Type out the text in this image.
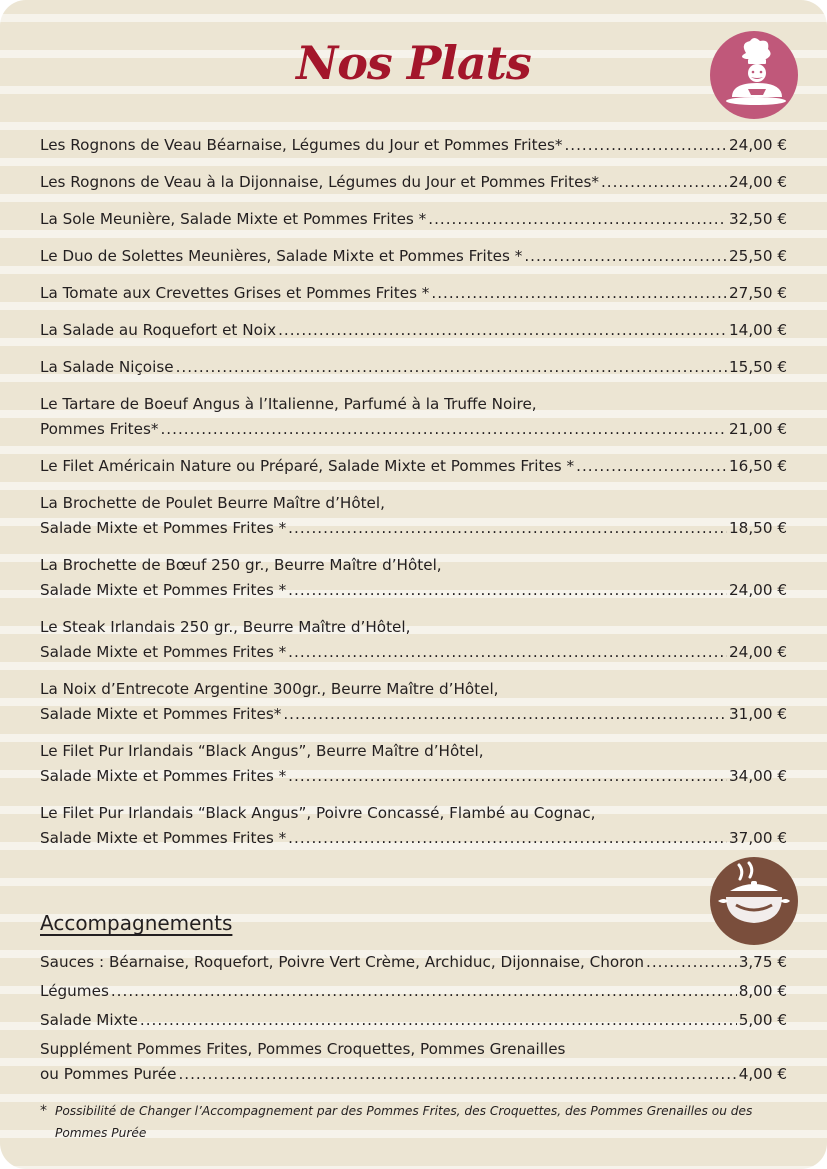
Nos Plats
Les Rognons de Veau Béarnaise, Légumes du Jour et Pommes Frites* .....	24,00 €
Les Rognons de Veau à la Dijonnaise, Légumes du Jour et Pommes Frites* .....	24,00 €
La Sole Meunière, Salade Mixte et Pommes Frites * .....	32,50 €
Le Duo de Solettes Meunières, Salade Mixte et Pommes Frites * .....	25,50 €
La Tomate aux Crevettes Grises et Pommes Frites * .....	27,50 €
La Salade au Roquefort et Noix .....	14,00 €
La Salade Niçoise .....	15,50 €
Le Tartare de Boeuf Angus à l’Italienne, Parfumé à la Truffe Noire,
Pommes Frites* .....	21,00 €
Le Filet Américain Nature ou Préparé, Salade Mixte et Pommes Frites * .....	16,50 €
La Brochette de Poulet Beurre Maître d’Hôtel,
Salade Mixte et Pommes Frites * .....	18,50 €
La Brochette de Bœuf 250 gr., Beurre Maître d’Hôtel,
Salade Mixte et Pommes Frites * .....	24,00 €
Le Steak Irlandais 250 gr., Beurre Maître d’Hôtel,
Salade Mixte et Pommes Frites * .....	24,00 €
La Noix d’Entrecote Argentine 300gr., Beurre Maître d’Hôtel,
Salade Mixte et Pommes Frites* .....	31,00 €
Le Filet Pur Irlandais “Black Angus”, Beurre Maître d’Hôtel,
Salade Mixte et Pommes Frites * .....	34,00 €
Le Filet Pur Irlandais “Black Angus”, Poivre Concassé, Flambé au Cognac,
Salade Mixte et Pommes Frites * .....	37,00 €
Accompagnements
Sauces : Béarnaise, Roquefort, Poivre Vert Crème, Archiduc, Dijonnaise, Choron .....	3,75 €
Légumes .....	8,00 €
Salade Mixte .....	5,00 €
Supplément Pommes Frites, Pommes Croquettes, Pommes Grenailles
ou Pommes Purée .....	4,00 €
* Possibilité de Changer l’Accompagnement par des Pommes Frites, des Croquettes, des Pommes Grenailles ou des Pommes Purée
